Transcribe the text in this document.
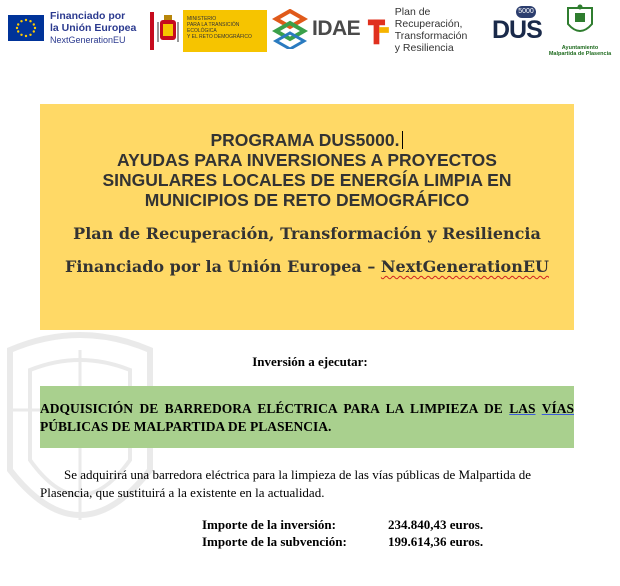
Financiado por
la Unión Europea
NextGenerationEU
MINISTERIO
PARA LA TRANSICIÓN ECOLÓGICA
Y EL RETO DEMOGRÁFICO	IDAE
Plan de Recuperación,
Transformación
y Resiliencia
5000
DUS
Ayuntamiento
Malpartida de Plasencia
PROGRAMA DUS5000.
AYUDAS PARA INVERSIONES A PROYECTOS
SINGULARES LOCALES DE ENERGÍA LIMPIA EN
MUNICIPIOS DE RETO DEMOGRÁFICO
Plan de Recuperación, Transformación y Resiliencia
Financiado por la Unión Europea – NextGenerationEU
Inversión a ejecutar:

ADQUISICIÓN DE BARREDORA ELÉCTRICA PARA LA LIMPIEZA DE LAS VÍAS PÚBLICAS DE MALPARTIDA DE PLASENCIA.

Se adquirirá una barredora eléctrica para la limpieza de las vías públicas de Malpartida de Plasencia, que sustituirá a la existente en la actualidad.

Importe de la inversión:	234.840,43 euros.
Importe de la subvención:	199.614,36 euros.
